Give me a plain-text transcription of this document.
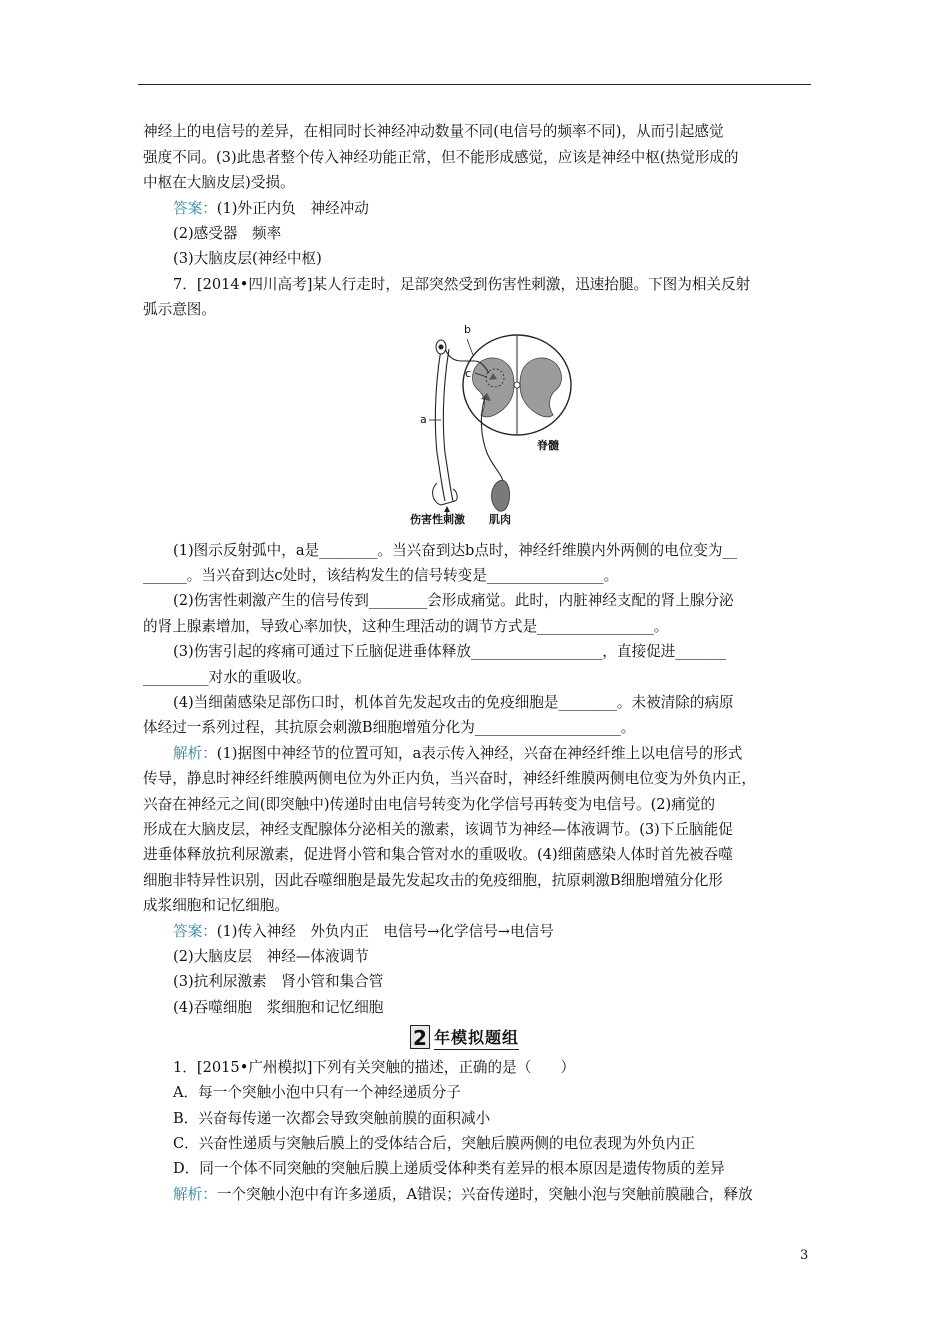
神经上的电信号的差异，在相同时长神经冲动数量不同(电信号的频率不同)，从而引起感觉
强度不同。(3)此患者整个传入神经功能正常，但不能形成感觉，应该是神经中枢(热觉形成的
中枢在大脑皮层)受损。
答案：(1)外正内负　神经冲动
(2)感受器　频率
(3)大脑皮层(神经中枢)
7．[2014•四川高考]某人行走时，足部突然受到伤害性刺激，迅速抬腿。下图为相关反射
弧示意图。
b
c
a
脊髓
伤害性刺激 肌肉
(1)图示反射弧中，a是________。当兴奋到达b点时，神经纤维膜内外两侧的电位变为__
______。当兴奋到达c处时，该结构发生的信号转变是________________。
(2)伤害性刺激产生的信号传到________会形成痛觉。此时，内脏神经支配的肾上腺分泌
的肾上腺素增加，导致心率加快，这种生理活动的调节方式是________________。
(3)伤害引起的疼痛可通过下丘脑促进垂体释放__________________，直接促进_______
_________对水的重吸收。
(4)当细菌感染足部伤口时，机体首先发起攻击的免疫细胞是________。未被清除的病原
体经过一系列过程，其抗原会刺激B细胞增殖分化为____________________。
解析：(1)据图中神经节的位置可知，a表示传入神经，兴奋在神经纤维上以电信号的形式
传导，静息时神经纤维膜两侧电位为外正内负，当兴奋时，神经纤维膜两侧电位变为外负内正，
兴奋在神经元之间(即突触中)传递时由电信号转变为化学信号再转变为电信号。(2)痛觉的
形成在大脑皮层，神经支配腺体分泌相关的激素，该调节为神经—体液调节。(3)下丘脑能促
进垂体释放抗利尿激素，促进肾小管和集合管对水的重吸收。(4)细菌感染人体时首先被吞噬
细胞非特异性识别，因此吞噬细胞是最先发起攻击的免疫细胞，抗原刺激B细胞增殖分化形
成浆细胞和记忆细胞。
答案：(1)传入神经　外负内正　电信号→化学信号→电信号
(2)大脑皮层　神经—体液调节
(3)抗利尿激素　肾小管和集合管
(4)吞噬细胞　浆细胞和记忆细胞
2 年模拟题组
1．[2015•广州模拟]下列有关突触的描述，正确的是（　　）
A．每一个突触小泡中只有一个神经递质分子
B．兴奋每传递一次都会导致突触前膜的面积减小
C．兴奋性递质与突触后膜上的受体结合后，突触后膜两侧的电位表现为外负内正
D．同一个体不同突触的突触后膜上递质受体种类有差异的根本原因是遗传物质的差异
解析：一个突触小泡中有许多递质，A错误；兴奋传递时，突触小泡与突触前膜融合，释放
3
